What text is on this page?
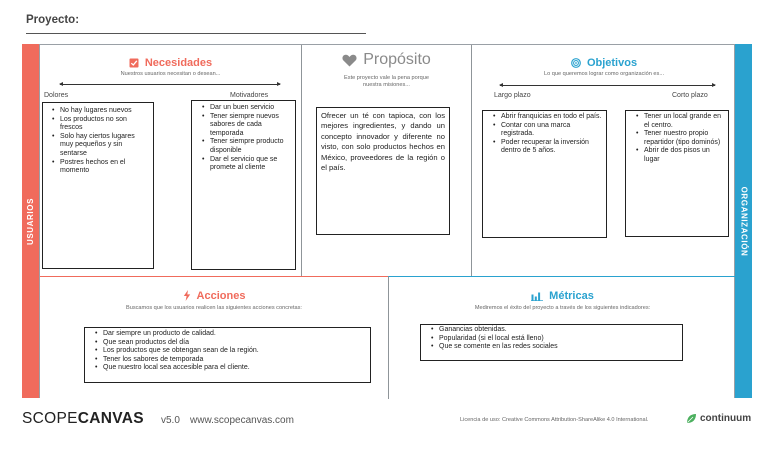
Proyecto:
USUARIOS	ORGANIZACIÓN
Necesidades
Nuestros usuarios necesitan o desean...
Dolores	Motivadores
• No hay lugares nuevos
• Los productos no son frescos
• Solo hay ciertos lugares muy pequeños y sin sentarse
• Postres hechos en el momento
• Dar un buen servicio
• Tener siempre nuevos sabores de cada temporada
• Tener siempre producto disponible
• Dar el servicio que se promete al cliente
Propósito
Este proyecto vale la pena porque
nuestra misiones...
Ofrecer un té con tapioca, con los mejores ingredientes, y dando un concepto innovador y diferente no visto, con solo productos hechos en México, proveedores de la región o el país.
Objetivos
Lo que queremos lograr como organización es...
Largo plazo	Corto plazo
• Abrir franquicias en todo el país.
• Contar con una marca registrada.
• Poder recuperar la inversión dentro de 5 años.
• Tener un local grande en el centro.
• Tener nuestro propio repartidor (tipo dominós)
• Abrir de dos pisos un lugar
Acciones
Buscamos que los usuarios realicen las siguientes acciones concretas:
• Dar siempre un producto de calidad.
• Que sean productos del día
• Los productos que se obtengan sean de la región.
• Tener los sabores de temporada
• Que nuestro local sea accesible para el cliente.
Métricas
Mediremos el éxito del proyecto a través de los siguientes indicadores:
• Ganancias obtenidas.
• Popularidad (si el local está lleno)
• Que se comente en las redes sociales
SCOPECANVAS v5.0 www.scopecanvas.com	Licencia de uso: Creative Commons Attribution-ShareAlike 4.0 International.	continuum
